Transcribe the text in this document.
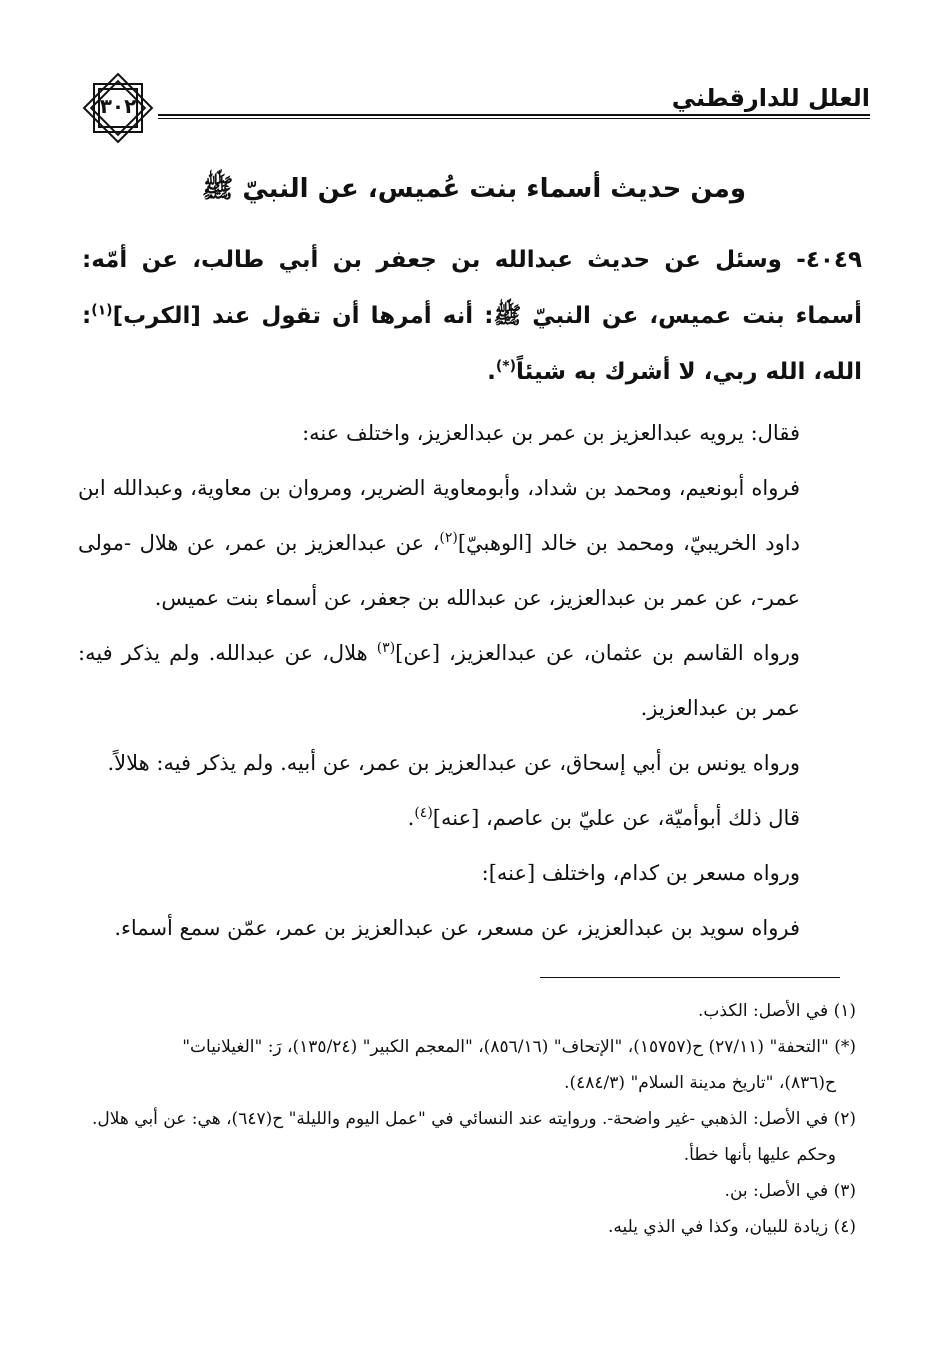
العلل للدارقطني
٣٠٢
ومن حديث أسماء بنت عُميس، عن النبيّ ﷺ
٤٠٤٩- وسئل عن حديث عبدالله بن جعفر بن أبي طالب، عن أمّه: أسماء بنت عميس، عن النبيّ ﷺ: أنه أمرها أن تقول عند [الكرب]$^{(١)}$: الله، الله ربي، لا أشرك به شيئاً(*).

فقال: يرويه عبدالعزيز بن عمر بن عبدالعزيز، واختلف عنه:

فرواه أبونعيم، ومحمد بن شداد، وأبومعاوية الضرير، ومروان بن معاوية، وعبدالله ابن داود الخريبيّ، ومحمد بن خالد [الوهبيّ]$^{(٢)}$، عن عبدالعزيز بن عمر، عن هلال -مولى عمر-، عن عمر بن عبدالعزيز، عن عبدالله بن جعفر، عن أسماء بنت عميس.

ورواه القاسم بن عثمان، عن عبدالعزيز، [عن]$^{(٣)}$ هلال، عن عبدالله. ولم يذكر فيه: عمر بن عبدالعزيز.

ورواه يونس بن أبي إسحاق، عن عبدالعزيز بن عمر، عن أبيه. ولم يذكر فيه: هلالاً.

قال ذلك أبوأميّة، عن عليّ بن عاصم، [عنه]$^{(٤)}$.

ورواه مسعر بن كدام، واختلف [عنه]:

فرواه سويد بن عبدالعزيز، عن مسعر، عن عبدالعزيز بن عمر، عمّن سمع أسماء.

(١) في الأصل: الكذب.

(*) "التحفة" (٢٧/١١) ح(١٥٧٥٧)، "الإتحاف" (٨٥٦/١٦)، "المعجم الكبير" (١٣٥/٢٤)، رَ: "الغيلانيات"

ح(٨٣٦)، "تاريخ مدينة السلام" (٤٨٤/٣).

(٢) في الأصل: الذهبي -غير واضحة-. وروايته عند النسائي في "عمل اليوم والليلة" ح(٦٤٧)، هي: عن أبي هلال.

وحكم عليها بأنها خطأ.

(٣) في الأصل: بن.

(٤) زيادة للبيان، وكذا في الذي يليه.
